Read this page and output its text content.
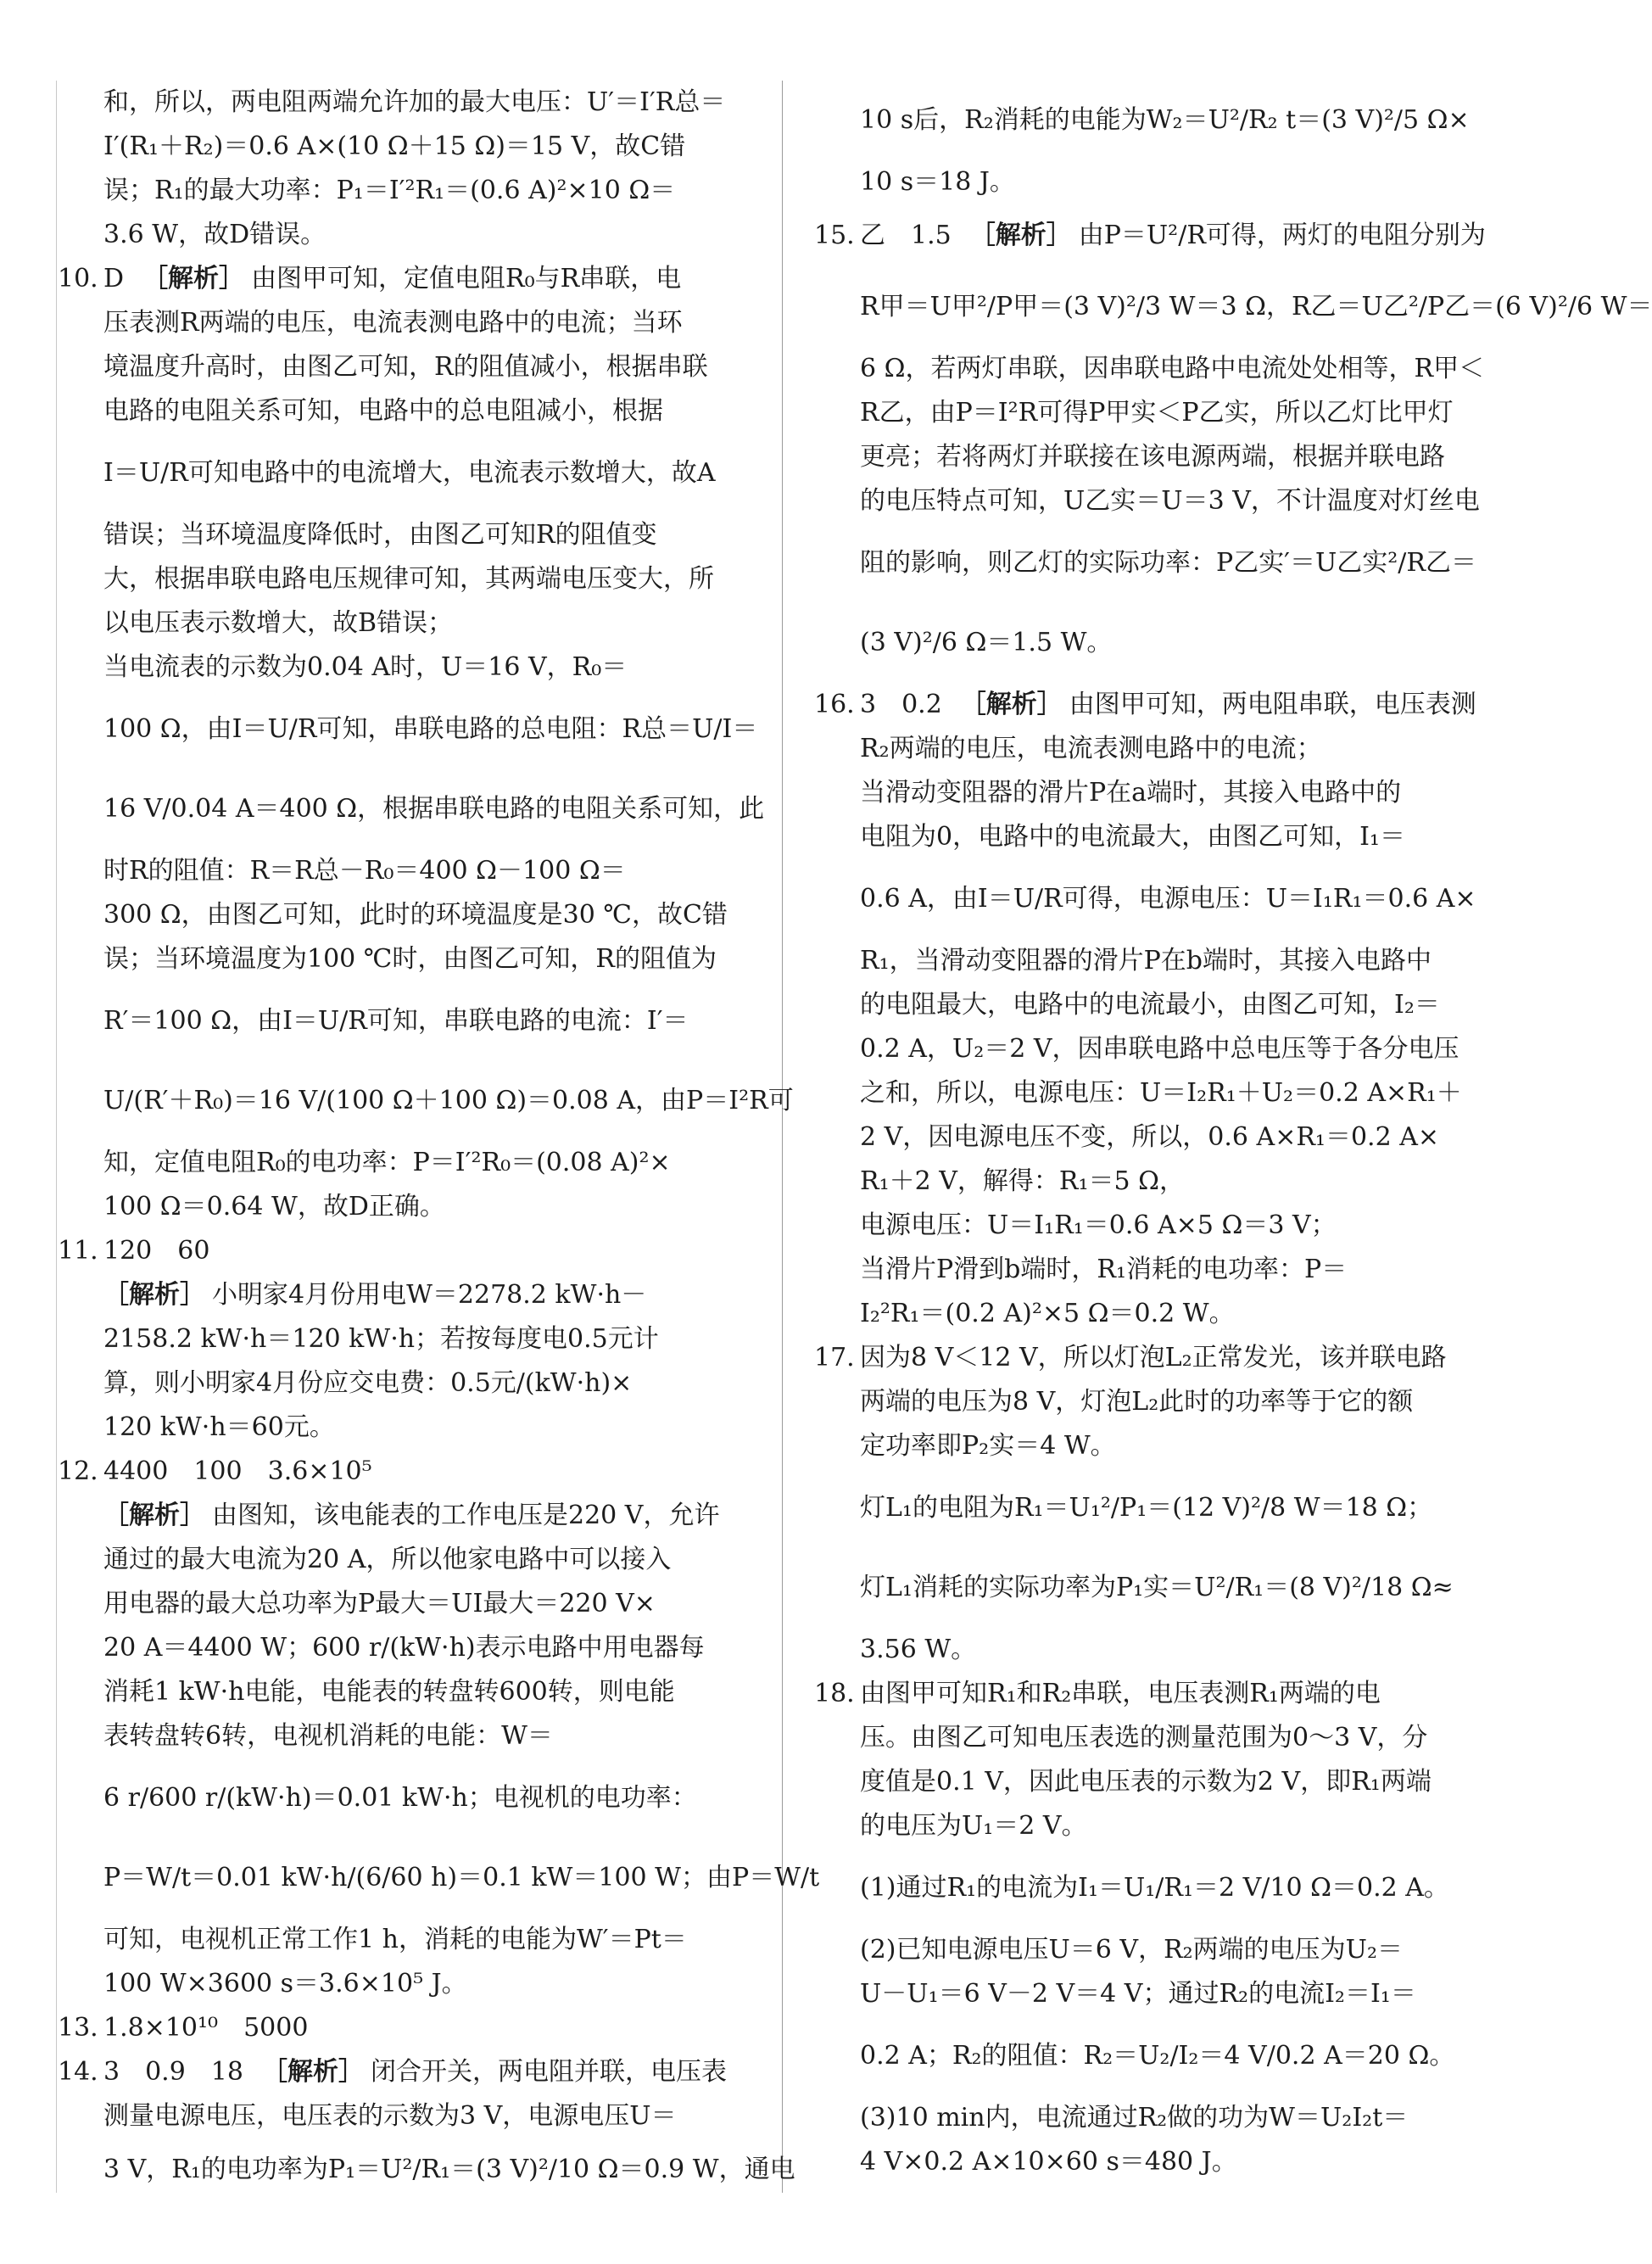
和，所以，两电阻两端允许加的最大电压：U′＝I′R总＝
I′(R₁＋R₂)＝0.6 A×(10 Ω＋15 Ω)＝15 V，故C错
误；R₁的最大功率：P₁＝I′²R₁＝(0.6 A)²×10 Ω＝
3.6 W，故D错误。
10. D ［解析］ 由图甲可知，定值电阻R₀与R串联，电
压表测R两端的电压，电流表测电路中的电流；当环
境温度升高时，由图乙可知，R的阻值减小，根据串联
电路的电阻关系可知，电路中的总电阻减小，根据
I＝U/R可知电路中的电流增大，电流表示数增大，故A
错误；当环境温度降低时，由图乙可知R的阻值变
大，根据串联电路电压规律可知，其两端电压变大，所
以电压表示数增大，故B错误；
当电流表的示数为0.04 A时，U＝16 V，R₀＝
100 Ω，由I＝U/R可知，串联电路的总电阻：R总＝U/I＝
16 V/0.04 A＝400 Ω，根据串联电路的电阻关系可知，此
时R的阻值：R＝R总－R₀＝400 Ω－100 Ω＝
300 Ω，由图乙可知，此时的环境温度是30 ℃，故C错
误；当环境温度为100 ℃时，由图乙可知，R的阻值为
R′＝100 Ω，由I＝U/R可知，串联电路的电流：I′＝
U/(R′＋R₀)＝16 V/(100 Ω＋100 Ω)＝0.08 A，由P＝I²R可
知，定值电阻R₀的电功率：P＝I′²R₀＝(0.08 A)²×
100 Ω＝0.64 W，故D正确。
11. 120　60
［解析］ 小明家4月份用电W＝2278.2 kW·h－
2158.2 kW·h＝120 kW·h；若按每度电0.5元计
算，则小明家4月份应交电费：0.5元/(kW·h)×
120 kW·h＝60元。
12. 4400　100　3.6×10⁵
［解析］ 由图知，该电能表的工作电压是220 V，允许
通过的最大电流为20 A，所以他家电路中可以接入
用电器的最大总功率为P最大＝UI最大＝220 V×
20 A＝4400 W；600 r/(kW·h)表示电路中用电器每
消耗1 kW·h电能，电能表的转盘转600转，则电能
表转盘转6转，电视机消耗的电能：W＝
6 r/600 r/(kW·h)＝0.01 kW·h；电视机的电功率：
P＝W/t＝0.01 kW·h/(6/60 h)＝0.1 kW＝100 W；由P＝W/t
可知，电视机正常工作1 h，消耗的电能为W′＝Pt＝
100 W×3600 s＝3.6×10⁵ J。
13. 1.8×10¹⁰　5000
14. 3　0.9　18 ［解析］ 闭合开关，两电阻并联，电压表
测量电源电压，电压表的示数为3 V，电源电压U＝
3 V，R₁的电功率为P₁＝U²/R₁＝(3 V)²/10 Ω＝0.9 W，通电
10 s后，R₂消耗的电能为W₂＝U²/R₂ t＝(3 V)²/5 Ω×
10 s＝18 J。
15. 乙　1.5 ［解析］ 由P＝U²/R可得，两灯的电阻分别为
R甲＝U甲²/P甲＝(3 V)²/3 W＝3 Ω，R乙＝U乙²/P乙＝(6 V)²/6 W＝
6 Ω，若两灯串联，因串联电路中电流处处相等，R甲＜
R乙，由P＝I²R可得P甲实＜P乙实，所以乙灯比甲灯
更亮；若将两灯并联接在该电源两端，根据并联电路
的电压特点可知，U乙实＝U＝3 V，不计温度对灯丝电
阻的影响，则乙灯的实际功率：P乙实′＝U乙实²/R乙＝
(3 V)²/6 Ω＝1.5 W。
16. 3　0.2 ［解析］ 由图甲可知，两电阻串联，电压表测
R₂两端的电压，电流表测电路中的电流；
当滑动变阻器的滑片P在a端时，其接入电路中的
电阻为0，电路中的电流最大，由图乙可知，I₁＝
0.6 A，由I＝U/R可得，电源电压：U＝I₁R₁＝0.6 A×
R₁，当滑动变阻器的滑片P在b端时，其接入电路中
的电阻最大，电路中的电流最小，由图乙可知，I₂＝
0.2 A，U₂＝2 V，因串联电路中总电压等于各分电压
之和，所以，电源电压：U＝I₂R₁＋U₂＝0.2 A×R₁＋
2 V，因电源电压不变，所以，0.6 A×R₁＝0.2 A×
R₁＋2 V，解得：R₁＝5 Ω，
电源电压：U＝I₁R₁＝0.6 A×5 Ω＝3 V；
当滑片P滑到b端时，R₁消耗的电功率：P＝
I₂²R₁＝(0.2 A)²×5 Ω＝0.2 W。
17. 因为8 V＜12 V，所以灯泡L₂正常发光，该并联电路
两端的电压为8 V，灯泡L₂此时的功率等于它的额
定功率即P₂实＝4 W。
灯L₁的电阻为R₁＝U₁²/P₁＝(12 V)²/8 W＝18 Ω；
灯L₁消耗的实际功率为P₁实＝U²/R₁＝(8 V)²/18 Ω≈
3.56 W。
18. 由图甲可知R₁和R₂串联，电压表测R₁两端的电
压。由图乙可知电压表选的测量范围为0～3 V，分
度值是0.1 V，因此电压表的示数为2 V，即R₁两端
的电压为U₁＝2 V。
(1)通过R₁的电流为I₁＝U₁/R₁＝2 V/10 Ω＝0.2 A。
(2)已知电源电压U＝6 V，R₂两端的电压为U₂＝
U－U₁＝6 V－2 V＝4 V；通过R₂的电流I₂＝I₁＝
0.2 A；R₂的阻值：R₂＝U₂/I₂＝4 V/0.2 A＝20 Ω。
(3)10 min内，电流通过R₂做的功为W＝U₂I₂t＝
4 V×0.2 A×10×60 s＝480 J。
